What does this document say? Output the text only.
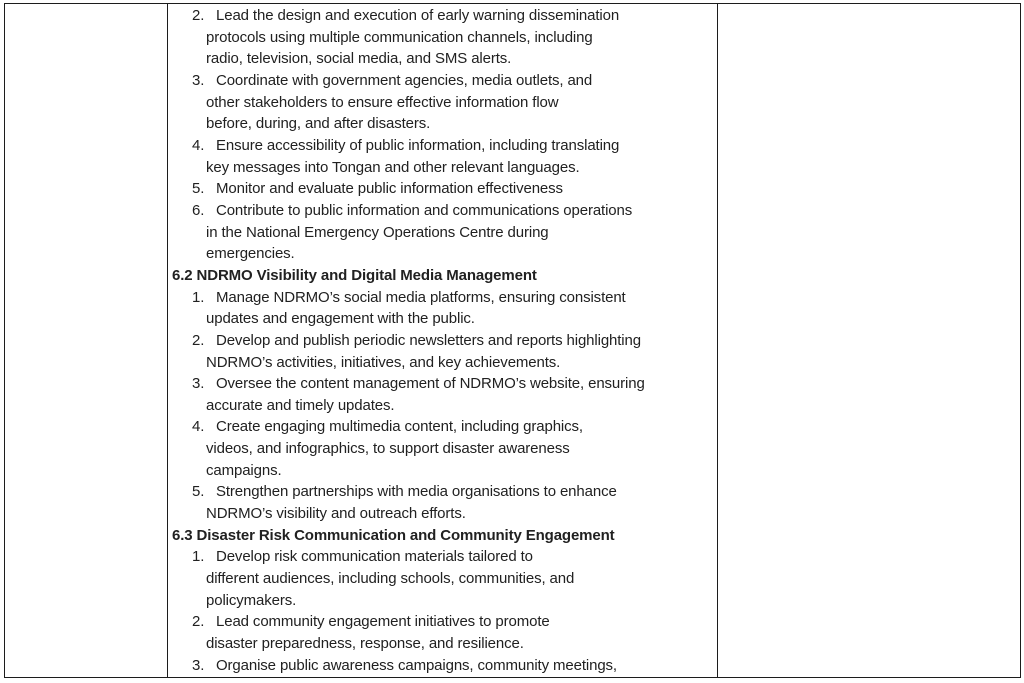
2. Lead the design and execution of early warning dissemination
protocols using multiple communication channels, including
radio, television, social media, and SMS alerts.
3. Coordinate with government agencies, media outlets, and
other stakeholders to ensure effective information flow
before, during, and after disasters.
4. Ensure accessibility of public information, including translating
key messages into Tongan and other relevant languages.
5. Monitor and evaluate public information effectiveness
6. Contribute to public information and communications operations
in the National Emergency Operations Centre during
emergencies.
6.2 NDRMO Visibility and Digital Media Management
1. Manage NDRMO’s social media platforms, ensuring consistent
updates and engagement with the public.
2. Develop and publish periodic newsletters and reports highlighting
NDRMO’s activities, initiatives, and key achievements.
3. Oversee the content management of NDRMO’s website, ensuring
accurate and timely updates.
4. Create engaging multimedia content, including graphics,
videos, and infographics, to support disaster awareness
campaigns.
5. Strengthen partnerships with media organisations to enhance
NDRMO’s visibility and outreach efforts.
6.3 Disaster Risk Communication and Community Engagement
1. Develop risk communication materials tailored to
different audiences, including schools, communities, and
policymakers.
2. Lead community engagement initiatives to promote
disaster preparedness, response, and resilience.
3. Organise public awareness campaigns, community meetings,
